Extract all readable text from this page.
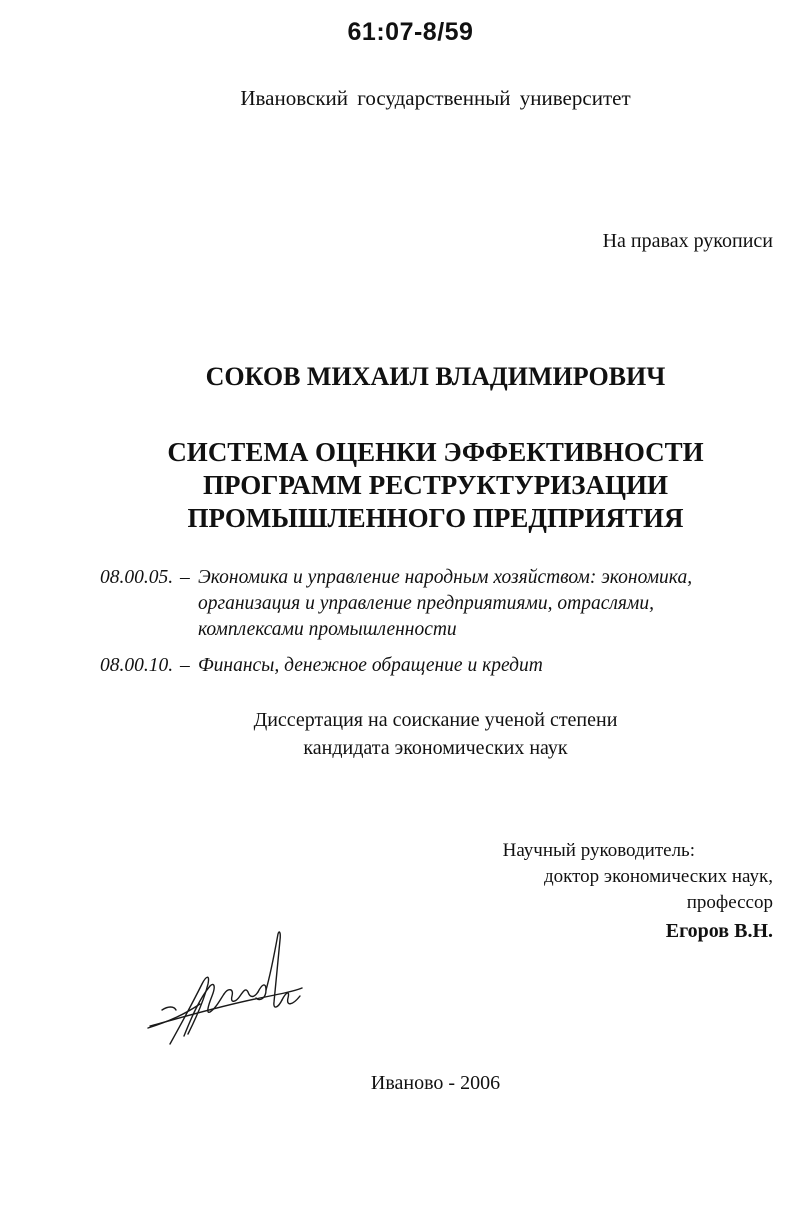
61:07-8/59
Ивановский государственный университет
На правах рукописи
СОКОВ МИХАИЛ ВЛАДИМИРОВИЧ
СИСТЕМА ОЦЕНКИ ЭФФЕКТИВНОСТИ
ПРОГРАММ РЕСТРУКТУРИЗАЦИИ
ПРОМЫШЛЕННОГО ПРЕДПРИЯТИЯ
08.00.05. – Экономика и управление народным хозяйством: экономика,
организация и управление предприятиями, отраслями,
комплексами промышленности
08.00.10. – Финансы, денежное обращение и кредит
Диссертация на соискание ученой степени
кандидата экономических наук
Научный руководитель:
доктор экономических наук,
профессор
Егоров В.Н.
Иваново - 2006
